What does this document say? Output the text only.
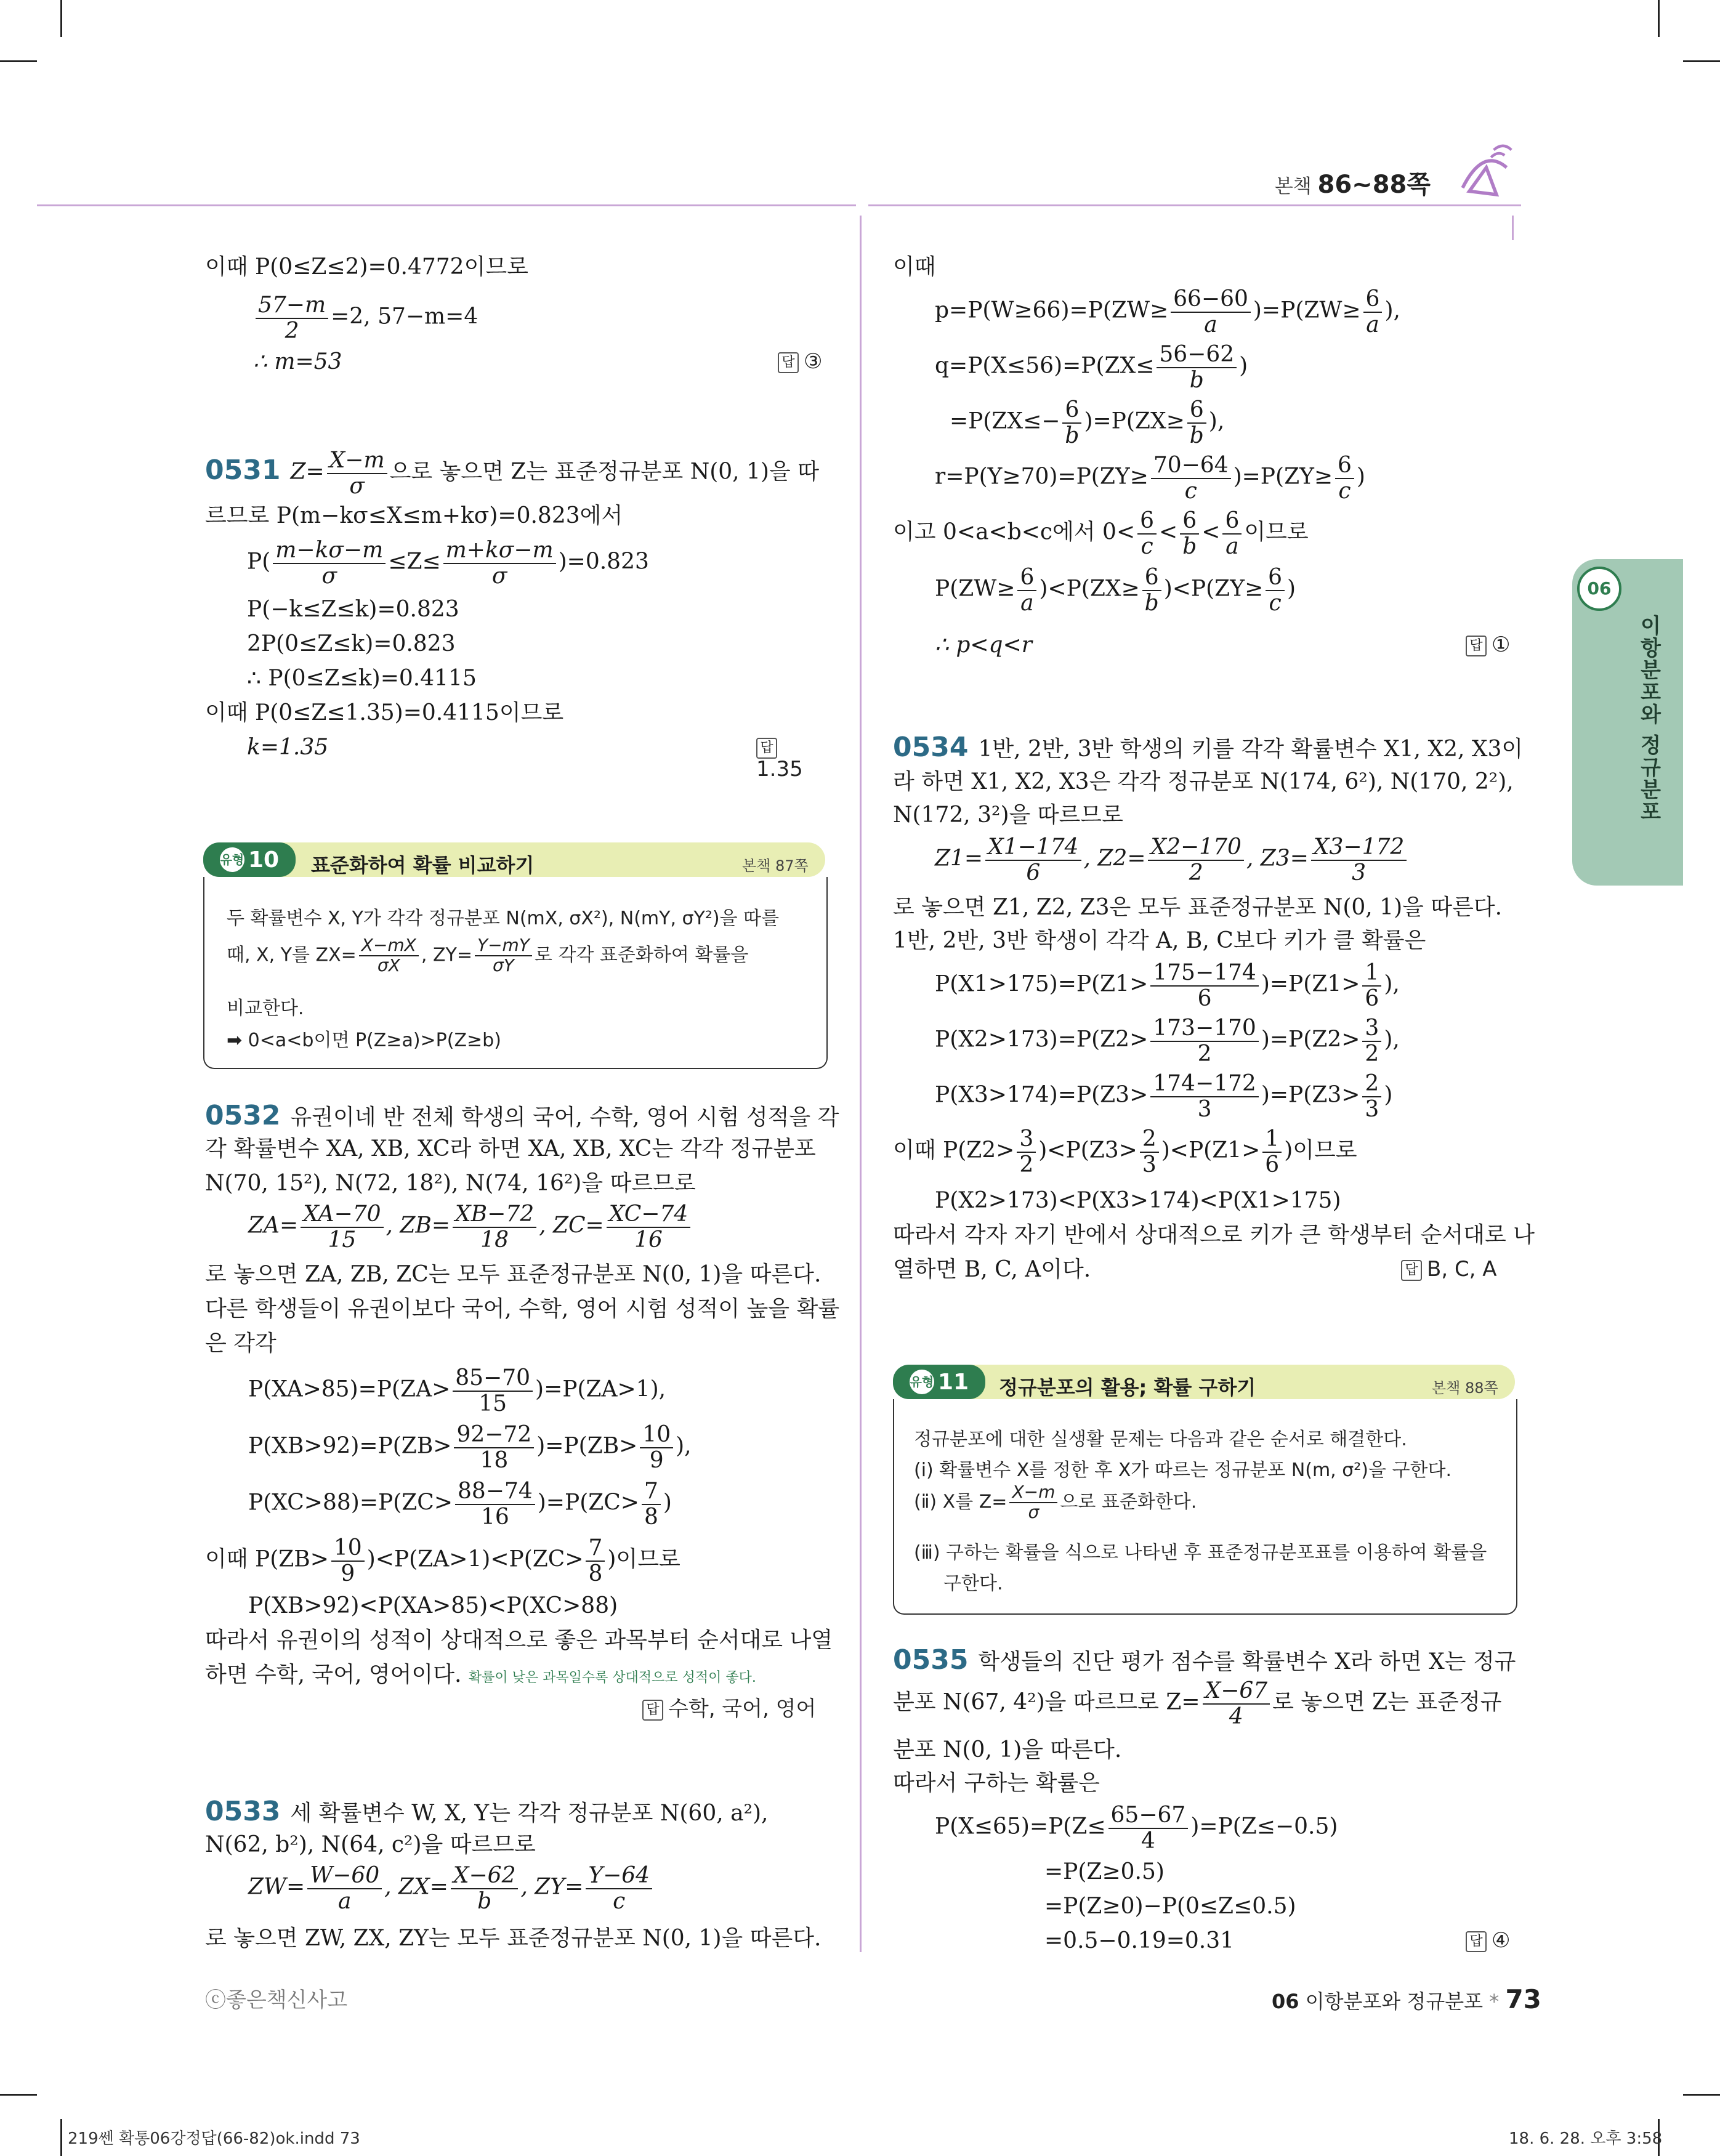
본책 86~88쪽
06
이항분포와 정규분포
이때 P(0≤Z≤2)=0.4772이므로
$\frac{57-m}{2} =2$, 57−m=4
∴ m=53	답 ③
0531 $Z= \frac{X-m}{\sigma}$ 으로 놓으면 Z는 표준정규분포 N(0, 1)을 따
르므로 P(m−kσ≤X≤m+kσ)=0.823에서
$P( \frac{m-k\sigma-m}{\sigma} \le Z\le \frac{m+k\sigma-m}{\sigma} )=0.823$
P(−k≤Z≤k)=0.823
2P(0≤Z≤k)=0.823
∴ P(0≤Z≤k)=0.4115
이때 P(0≤Z≤1.35)=0.4115이므로
k=1.35	답1.35
유형 10 표준화하여 확률 비교하기	본책 87쪽
두 확률변수 X, Y가 각각 정규분포 N(mX, σX²), N(mY, σY²)을 따를
때, X, Y를 $ZX= \frac{X-mX}{\sigma X}$ , $ZY= \frac{Y-mY}{\sigma Y}$ 로 각각 표준화하여 확률을
비교한다.
➡ 0<a<b이면 P(Z≥a)>P(Z≥b)
0532 유권이네 반 전체 학생의 국어, 수학, 영어 시험 성적을 각
각 확률변수 XA, XB, XC라 하면 XA, XB, XC는 각각 정규분포
N(70, 15²), N(72, 18²), N(74, 16²)을 따르므로
$ZA= \frac{XA-70}{15}$ , $ZB= \frac{XB-72}{18}$ , $ZC= \frac{XC-74}{16}$
로 놓으면 ZA, ZB, ZC는 모두 표준정규분포 N(0, 1)을 따른다.
다른 학생들이 유권이보다 국어, 수학, 영어 시험 성적이 높을 확률
은 각각
$P(XA>85)=P(ZA> \frac{85-70}{15} )=P(ZA>1)$,
$P(XB>92)=P(ZB> \frac{92-72}{18} )=P(ZB> \frac{10}{9}$ ),
$P(XC>88)=P(ZC> \frac{88-74}{16} )=P(ZC> \frac{7}{8}$ )
이때 $P(ZB> \frac{10}{9} )<P(ZA>1)<P(ZC> \frac{7}{8}$ )이므로
P(XB>92)<P(XA>85)<P(XC>88)
따라서 유권이의 성적이 상대적으로 좋은 과목부터 순서대로 나열
하면 수학, 국어, 영어이다. 확률이 낮은 과목일수록 상대적으로 성적이 좋다.
답 수학, 국어, 영어
0533 세 확률변수 W, X, Y는 각각 정규분포 N(60, a²),
N(62, b²), N(64, c²)을 따르므로
$ZW= \frac{W-60}{a}$ , $ZX= \frac{X-62}{b}$ , $ZY= \frac{Y-64}{c}$
로 놓으면 ZW, ZX, ZY는 모두 표준정규분포 N(0, 1)을 따른다.
이때
$p=P(W\ge 66)=P(ZW\ge \frac{66-60}{a} )=P(ZW\ge \frac{6}{a}$ ),
$q=P(X\le 56)=P(ZX\le \frac{56-62}{b}$ )
$=P(ZX\le- \frac{6}{b} )=P(ZX\ge \frac{6}{b}$ ),
$r=P(Y\ge 70)=P(ZY\ge \frac{70-64}{c} )=P(ZY\ge \frac{6}{c}$ )
이고 0<a<b<c에서 $0< \frac{6}{c} < \frac{6}{b} < \frac{6}{a}$ 이므로
$P(ZW\ge \frac{6}{a} )<P(ZX\ge \frac{6}{b} )<P(ZY\ge \frac{6}{c}$ )
∴ p<q<r	답 ①
0534 1반, 2반, 3반 학생의 키를 각각 확률변수 X1, X2, X3이
라 하면 X1, X2, X3은 각각 정규분포 N(174, 6²), N(170, 2²),
N(172, 3²)을 따르므로
$Z1= \frac{X1-174}{6}$ , $Z2= \frac{X2-170}{2}$ , $Z3= \frac{X3-172}{3}$
로 놓으면 Z1, Z2, Z3은 모두 표준정규분포 N(0, 1)을 따른다.
1반, 2반, 3반 학생이 각각 A, B, C보다 키가 클 확률은
$P(X1>175)=P(Z1> \frac{175-174}{6} )=P(Z1> \frac{1}{6}$ ),
$P(X2>173)=P(Z2> \frac{173-170}{2} )=P(Z2> \frac{3}{2}$ ),
$P(X3>174)=P(Z3> \frac{174-172}{3} )=P(Z3> \frac{2}{3}$ )
이때 $P(Z2> \frac{3}{2} )<P(Z3> \frac{2}{3} )<P(Z1> \frac{1}{6}$ )이므로
P(X2>173)<P(X3>174)<P(X1>175)
따라서 각자 자기 반에서 상대적으로 키가 큰 학생부터 순서대로 나
열하면 B, C, A이다.	답 B, C, A
유형 11 정규분포의 활용; 확률 구하기	본책 88쪽
정규분포에 대한 실생활 문제는 다음과 같은 순서로 해결한다.
(ⅰ) 확률변수 X를 정한 후 X가 따르는 정규분포 N(m, σ²)을 구한다.
(ⅱ) X를 $Z= \frac{X-m}{\sigma}$ 으로 표준화한다.
(ⅲ) 구하는 확률을 식으로 나타낸 후 표준정규분포표를 이용하여 확률을
구한다.
0535 학생들의 진단 평가 점수를 확률변수 X라 하면 X는 정규
분포 N(67, 4²)을 따르므로 $Z= \frac{X-67}{4}$ 로 놓으면 Z는 표준정규
분포 N(0, 1)을 따른다.
따라서 구하는 확률은
$P(X\le 65)=P(Z\le \frac{65-67}{4} )=P(Z\le-0.5)$
=P(Z≥0.5)
=P(Z≥0)−P(0≤Z≤0.5)
=0.5−0.19=0.31	답 ④
ⓒ좋은책신사고	06 이항분포와 정규분포 * 73
219쎈 확통06강정답(66-82)ok.indd 73	18. 6. 28. 오후 3:58
